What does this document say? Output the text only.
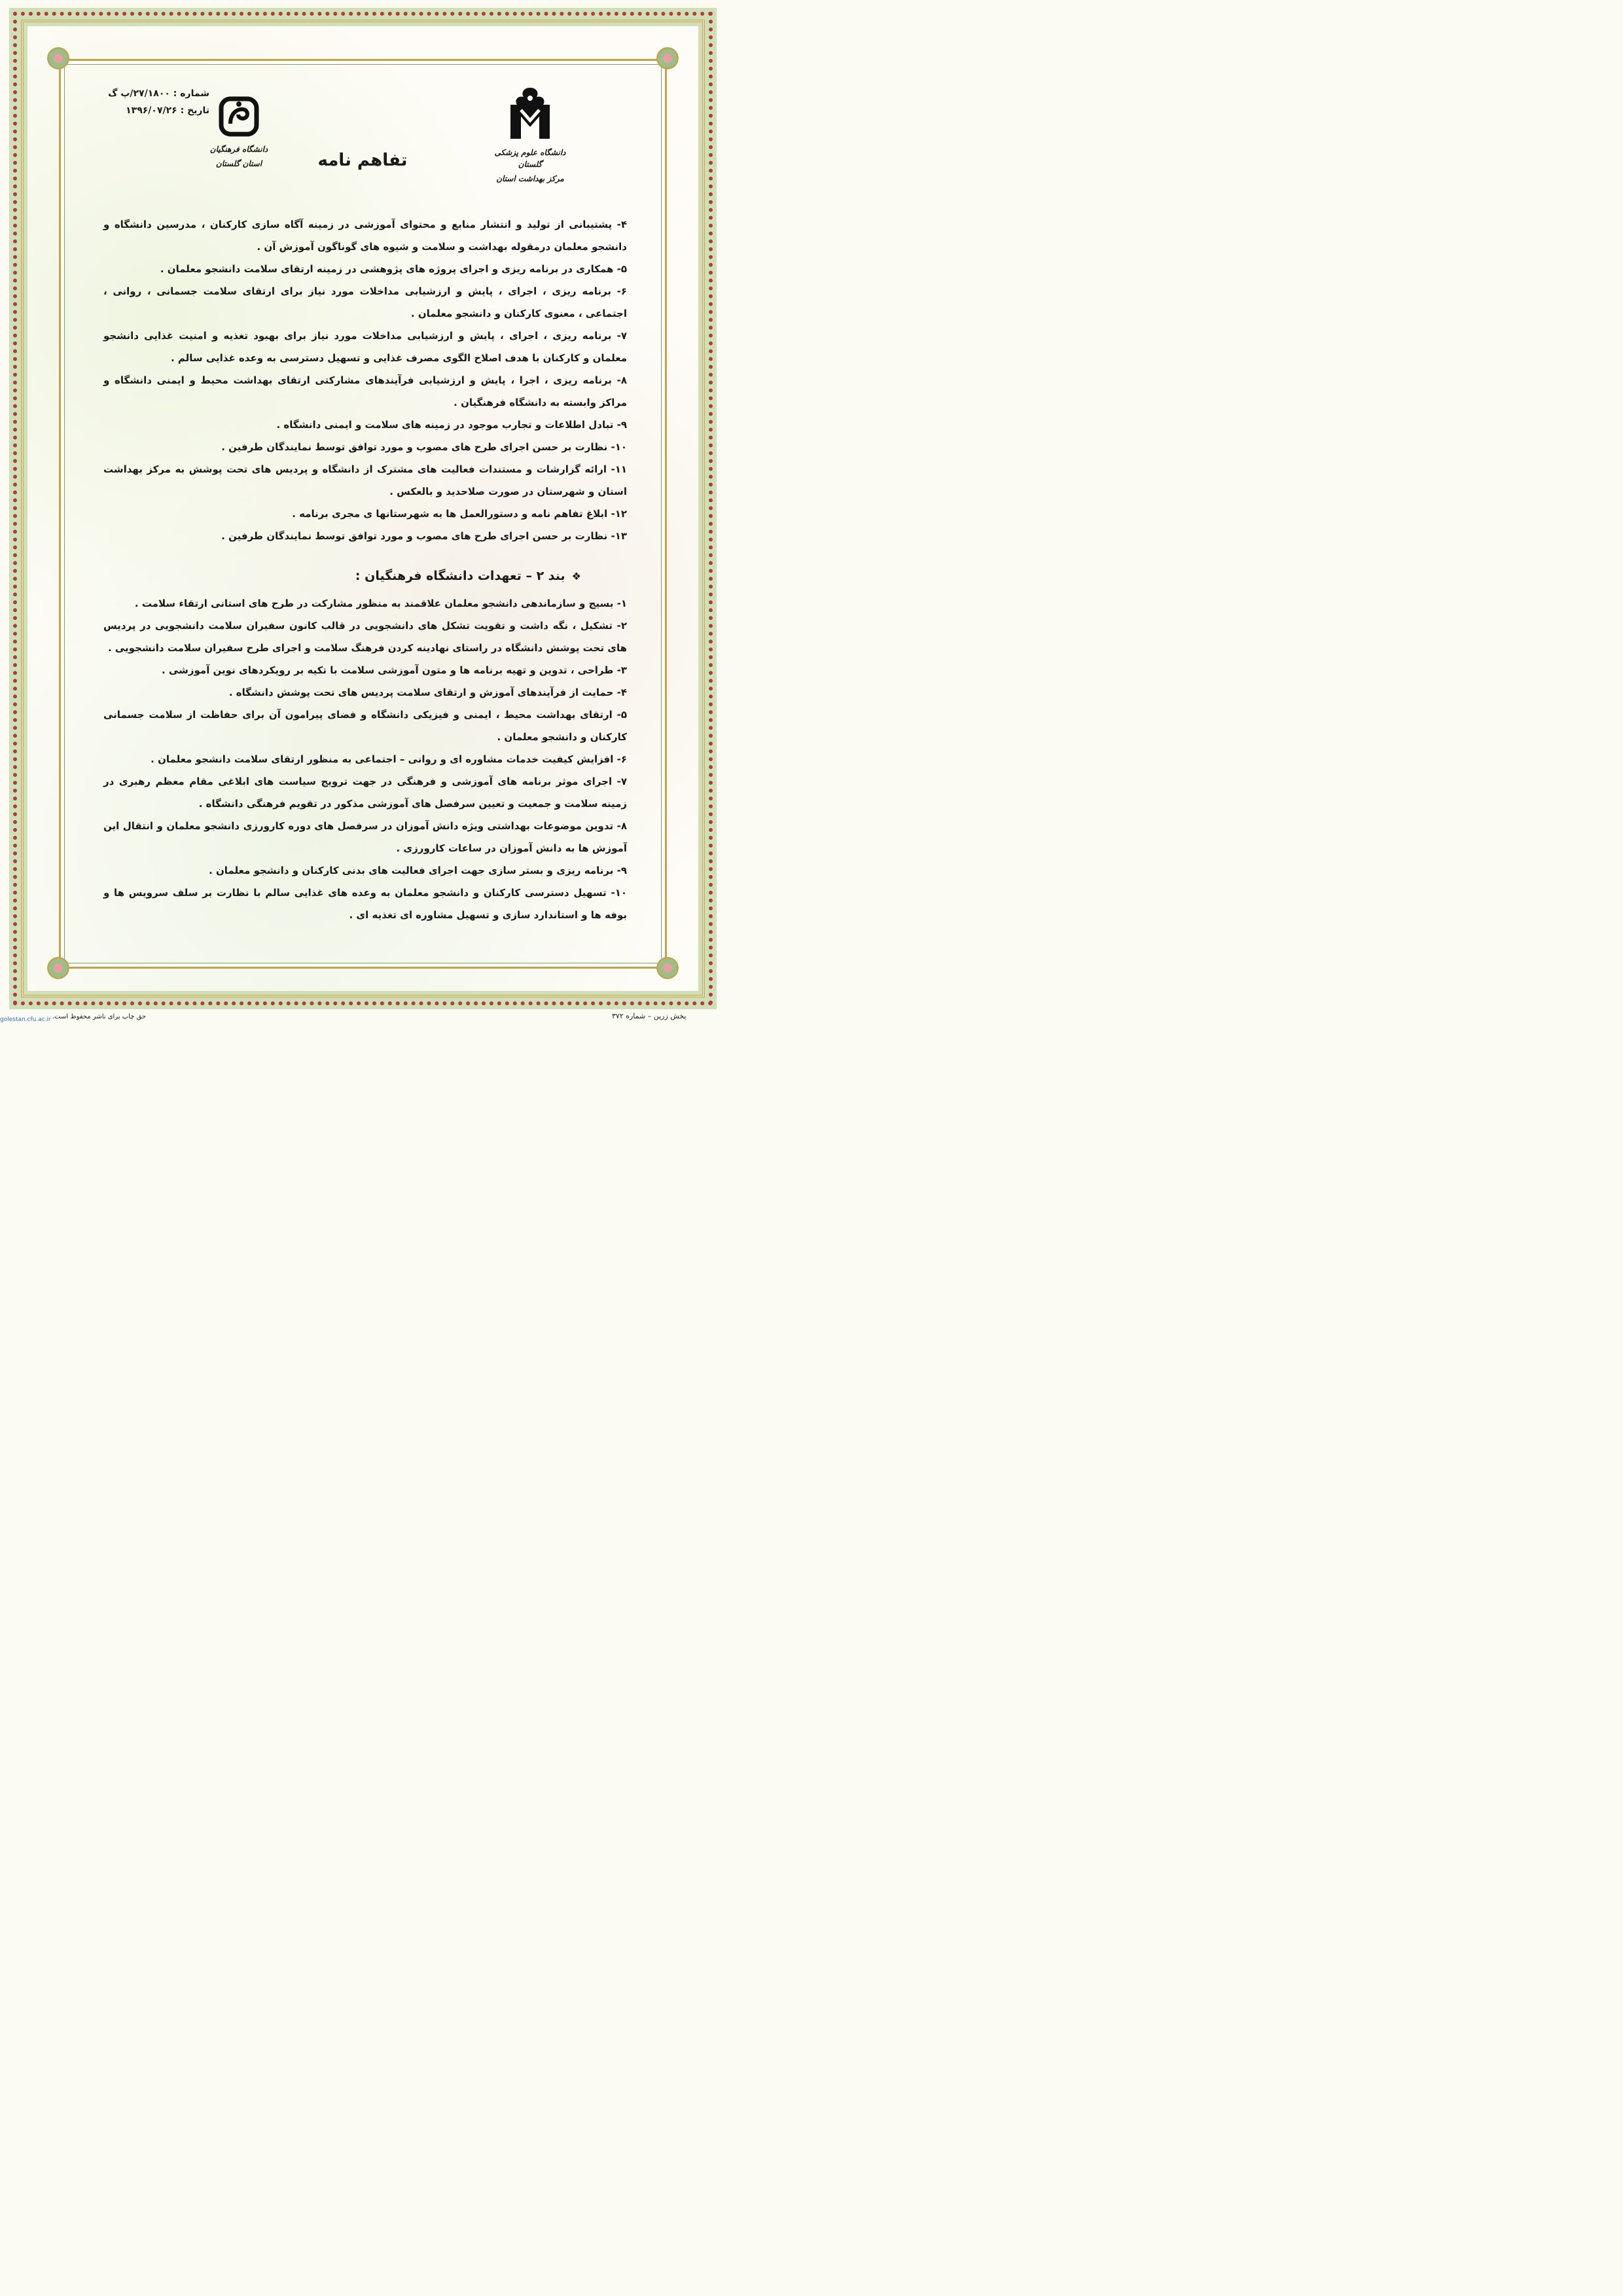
شماره : ۲۷/۱۸۰۰/پ گ
تاریخ : ۱۳۹۶/۰۷/۲۶
دانشگاه علوم پزشکی گلستان
مرکز بهداشت استان
دانشگاه فرهنگیان
استان گلستان	تفاهم نامه

۴- پشتیبانی از تولید و انتشار منابع و محتوای آموزشی در زمینه آگاه سازی کارکنان ، مدرسین دانشگاه و دانشجو معلمان درمقوله بهداشت و سلامت و شیوه های گوناگون آموزش آن .

۵- همکاری در برنامه ریزی و اجرای پروژه های پژوهشی در زمینه ارتقای سلامت دانشجو معلمان .

۶- برنامه ریزی ، اجرای ، پایش و ارزشیابی مداخلات مورد نیاز برای ارتقای سلامت جسمانی ، روانی ، اجتماعی ، معنوی کارکنان و دانشجو معلمان .

۷- برنامه ریزی ، اجرای ، پایش و ارزشیابی مداخلات مورد نیاز برای بهبود تغذیه و امنیت غذایی دانشجو معلمان و کارکنان با هدف اصلاح الگوی مصرف غذایی و تسهیل دسترسی به وعده غذایی سالم .

۸- برنامه ریزی ، اجرا ، پایش و ارزشیابی فرآیندهای مشارکتی ارتقای بهداشت محیط و ایمنی دانشگاه و مراکز وابسته به دانشگاه فرهنگیان .

۹- تبادل اطلاعات و تجارب موجود در زمینه های سلامت و ایمنی دانشگاه .

۱۰- نظارت بر حسن اجرای طرح های مصوب و مورد توافق توسط نمایندگان طرفین .

۱۱- ارائه گزارشات و مستندات فعالیت های مشترک از دانشگاه و پردیس های تحت پوشش به مرکز بهداشت استان و شهرستان در صورت صلاحدید و بالعکس .

۱۲- ابلاغ تفاهم نامه و دستورالعمل ها به شهرستانها ی مجری برنامه .

۱۳- نظارت بر حسن اجرای طرح های مصوب و مورد توافق توسط نمایندگان طرفین .

❖بند ۲ – تعهدات دانشگاه فرهنگیان :

۱- بسیج و سازماندهی دانشجو معلمان علاقمند به منظور مشارکت در طرح های استانی ارتقاء سلامت .

۲- تشکیل ، نگه داشت و تقویت تشکل های دانشجویی در قالب کانون سفیران سلامت دانشجویی در پردیس های تحت پوشش دانشگاه در راستای نهادینه کردن فرهنگ سلامت و اجرای طرح سفیران سلامت دانشجویی .

۳- طراحی ، تدوین و تهیه برنامه ها و متون آموزشی سلامت با تکیه بر رویکردهای نوین آموزشی .

۴- حمایت از فرآیندهای آموزش و ارتقای سلامت پردیس های تحت پوشش دانشگاه .

۵- ارتقای بهداشت محیط ، ایمنی و فیزیکی دانشگاه و فضای پیرامون آن برای حفاظت از سلامت جسمانی کارکنان و دانشجو معلمان .

۶- افزایش کیفیت خدمات مشاوره ای و روانی – اجتماعی به منظور ارتقای سلامت دانشجو معلمان .

۷- اجرای موثر برنامه های آموزشی و فرهنگی در جهت ترویج سیاست های ابلاغی مقام معظم رهبری در زمینه سلامت و جمعیت و تعیین سرفصل های آموزشی مذکور در تقویم فرهنگی دانشگاه .

۸- تدوین موضوعات بهداشتی ویژه دانش آموزان در سرفصل های دوره کارورزی دانشجو معلمان و انتقال این آموزش ها به دانش آموزان در ساعات کارورزی .

۹- برنامه ریزی و بستر سازی جهت اجرای فعالیت های بدنی کارکنان و دانشجو معلمان .

۱۰- تسهیل دسترسی کارکنان و دانشجو معلمان به وعده های غذایی سالم با نظارت بر سلف سرویس ها و بوفه ها و استاندارد سازی و تسهیل مشاوره ای تغذیه ای .

حق چاپ برای ناشر محفوظ است.	پخش زرین – شماره ۳۷۲
golestan.cfu.ac.ir
